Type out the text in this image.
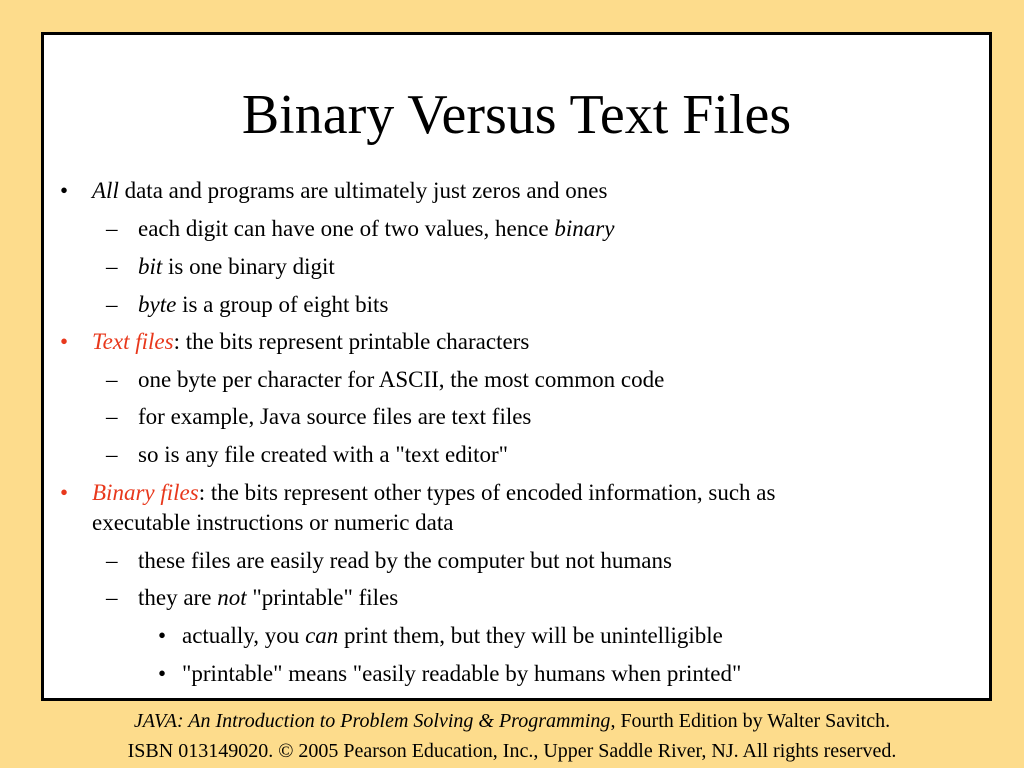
Binary Versus Text Files
• All data and programs are ultimately just zeros and ones
– each digit can have one of two values, hence binary
– bit is one binary digit
– byte is a group of eight bits
• Text files: the bits represent printable characters
– one byte per character for ASCII, the most common code
– for example, Java source files are text files
– so is any file created with a "text editor"
• Binary files: the bits represent other types of encoded information, such as
executable instructions or numeric data
– these files are easily read by the computer but not humans
– they are not "printable" files
• actually, you can print them, but they will be unintelligible
• "printable" means "easily readable by humans when printed"
JAVA: An Introduction to Problem Solving & Programming, Fourth Edition by Walter Savitch.
ISBN 013149020. © 2005 Pearson Education, Inc., Upper Saddle River, NJ. All rights reserved.
